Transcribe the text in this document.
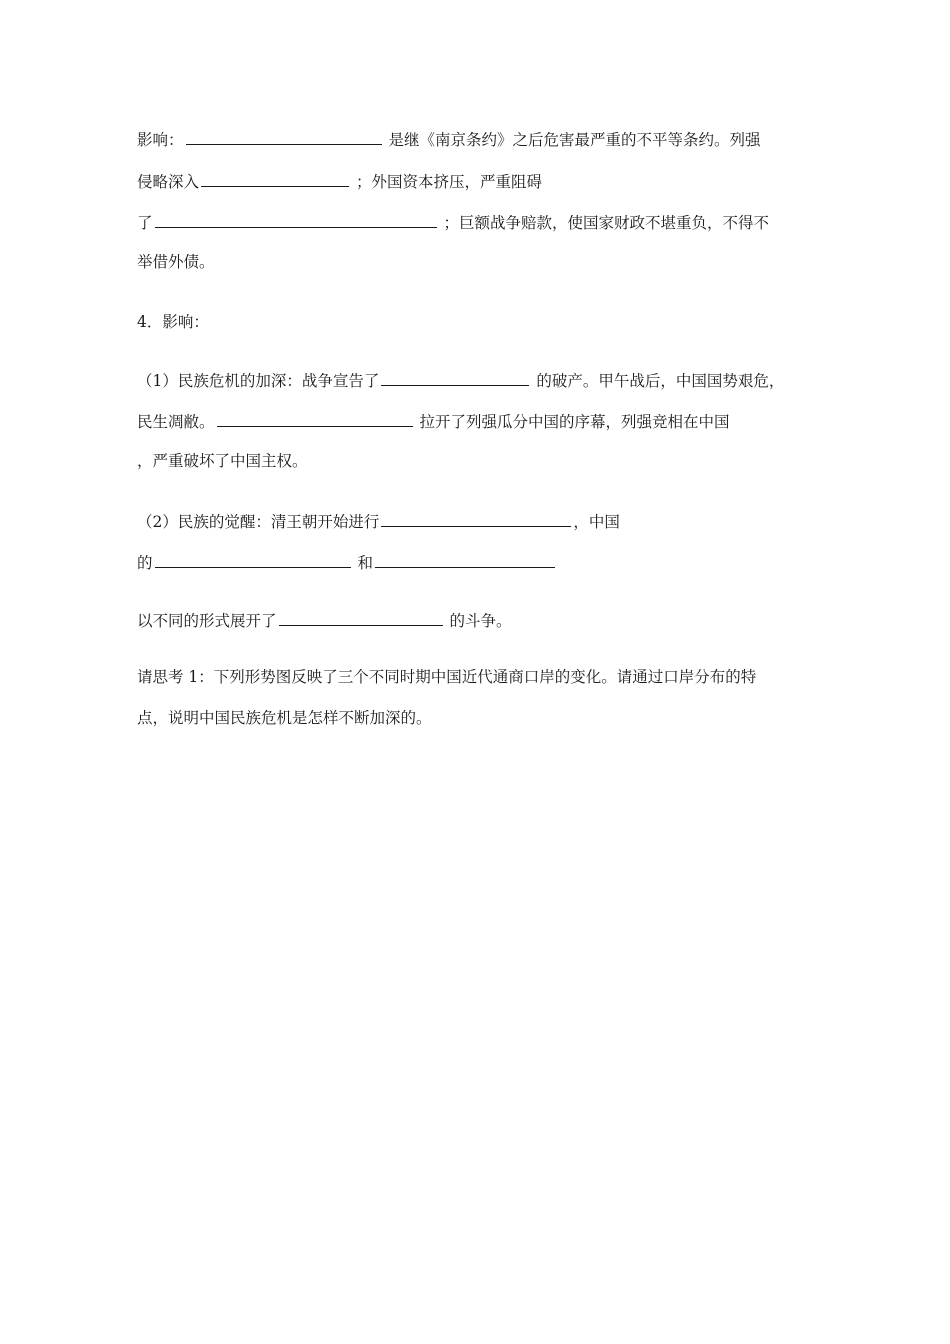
影响：	是继《南京条约》之后危害最严重的不平等条约。列强
侵略深入	；外国资本挤压，严重阻碍
了	；巨额战争赔款，使国家财政不堪重负，不得不
举借外债。
4．影响：
（1）民族危机的加深：战争宣告了	的破产。甲午战后，中国国势艰危，
民生凋敝。	拉开了列强瓜分中国的序幕，列强竞相在中国
，严重破坏了中国主权。
（2）民族的觉醒：清王朝开始进行	，中国
的	和
以不同的形式展开了	的斗争。
请思考 1：下列形势图反映了三个不同时期中国近代通商口岸的变化。请通过口岸分布的特
点，说明中国民族危机是怎样不断加深的。
